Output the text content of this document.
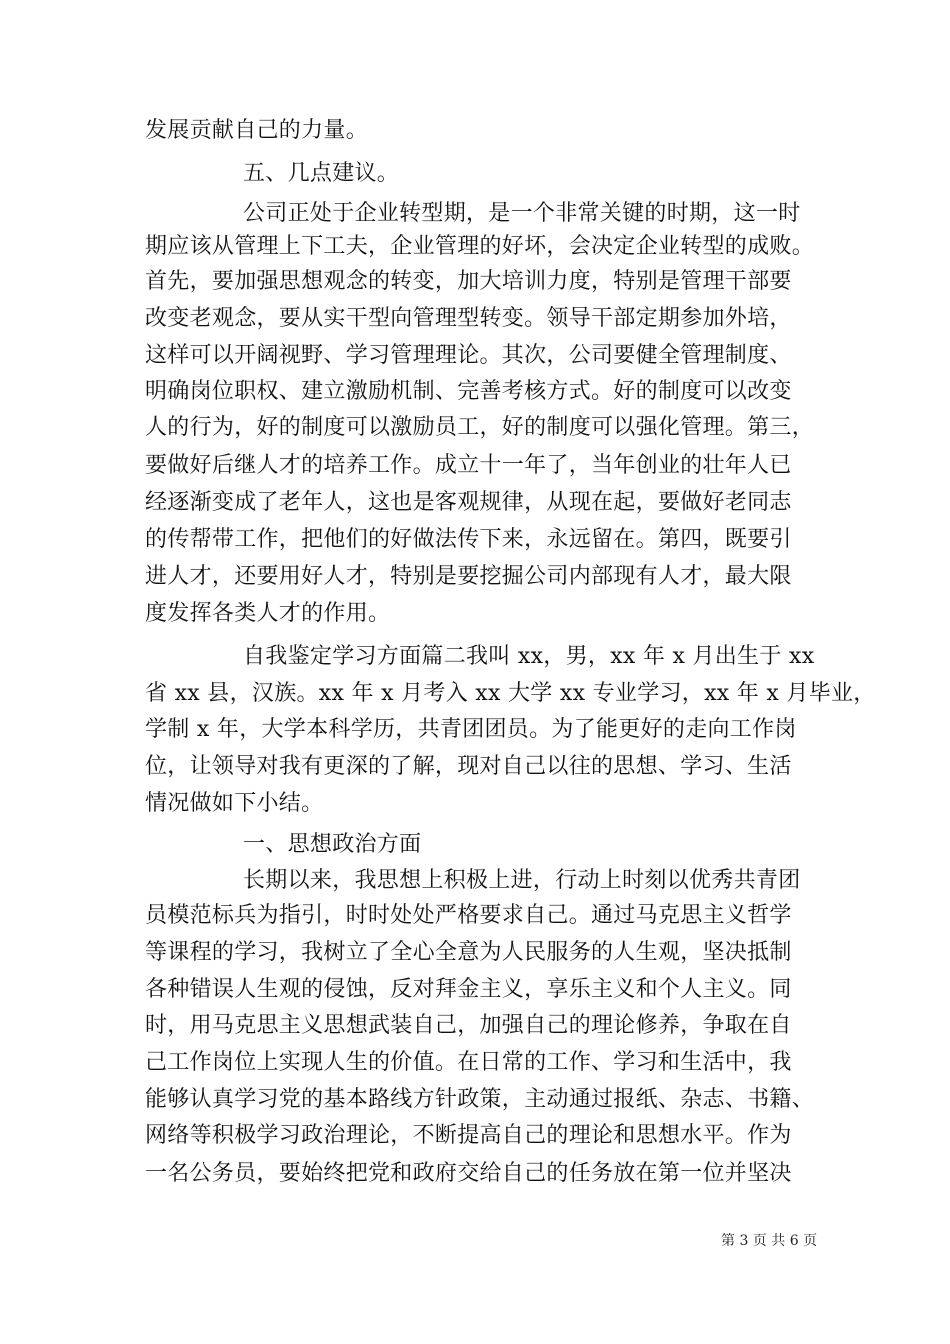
发展贡献自己的力量。
五、几点建议。
公司正处于企业转型期，是一个非常关键的时期，这一时
期应该从管理上下工夫，企业管理的好坏，会决定企业转型的成败。
首先，要加强思想观念的转变，加大培训力度，特别是管理干部要
改变老观念，要从实干型向管理型转变。领导干部定期参加外培，
这样可以开阔视野、学习管理理论。其次，公司要健全管理制度、
明确岗位职权、建立激励机制、完善考核方式。好的制度可以改变
人的行为，好的制度可以激励员工，好的制度可以强化管理。第三，
要做好后继人才的培养工作。成立十一年了，当年创业的壮年人已
经逐渐变成了老年人，这也是客观规律，从现在起，要做好老同志
的传帮带工作，把他们的好做法传下来，永远留在。第四，既要引
进人才，还要用好人才，特别是要挖掘公司内部现有人才，最大限
度发挥各类人才的作用。
自我鉴定学习方面篇二我叫 xx，男，xx 年 x 月出生于 xx
省 xx 县，汉族。xx 年 x 月考入 xx 大学 xx 专业学习，xx 年 x 月毕业，
学制 x 年，大学本科学历，共青团团员。为了能更好的走向工作岗
位，让领导对我有更深的了解，现对自己以往的思想、学习、生活
情况做如下小结。
一、思想政治方面
长期以来，我思想上积极上进，行动上时刻以优秀共青团
员模范标兵为指引，时时处处严格要求自己。通过马克思主义哲学
等课程的学习，我树立了全心全意为人民服务的人生观，坚决抵制
各种错误人生观的侵蚀，反对拜金主义，享乐主义和个人主义。同
时，用马克思主义思想武装自己，加强自己的理论修养，争取在自
己工作岗位上实现人生的价值。在日常的工作、学习和生活中，我
能够认真学习党的基本路线方针政策，主动通过报纸、杂志、书籍、
网络等积极学习政治理论，不断提高自己的理论和思想水平。作为
一名公务员，要始终把党和政府交给自己的任务放在第一位并坚决
第 3 页 共 6 页
